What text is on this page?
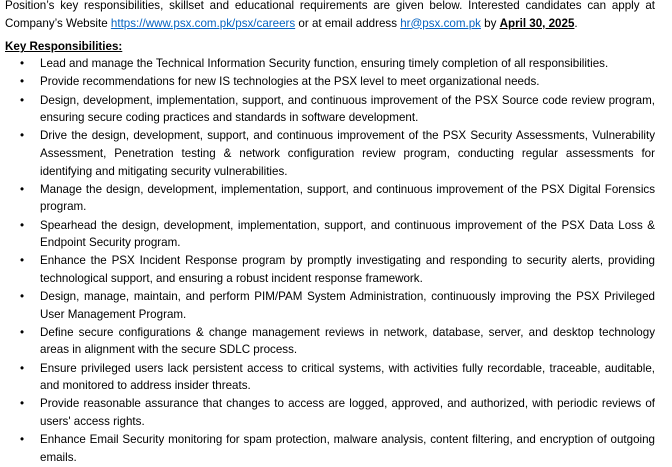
Position’s key responsibilities, skillset and educational requirements are given below. Interested candidates can apply at Company’s Website https://www.psx.com.pk/psx/careers or at email address hr@psx.com.pk by April 30, 2025.

Key Responsibilities:

• Lead and manage the Technical Information Security function, ensuring timely completion of all responsibilities.
• Provide recommendations for new IS technologies at the PSX level to meet organizational needs.
• Design, development, implementation, support, and continuous improvement of the PSX Source code review program, ensuring secure coding practices and standards in software development.
• Drive the design, development, support, and continuous improvement of the PSX Security Assessments, Vulnerability Assessment, Penetration testing & network configuration review program, conducting regular assessments for identifying and mitigating security vulnerabilities.
• Manage the design, development, implementation, support, and continuous improvement of the PSX Digital Forensics program.
• Spearhead the design, development, implementation, support, and continuous improvement of the PSX Data Loss & Endpoint Security program.
• Enhance the PSX Incident Response program by promptly investigating and responding to security alerts, providing technological support, and ensuring a robust incident response framework.
• Design, manage, maintain, and perform PIM/PAM System Administration, continuously improving the PSX Privileged User Management Program.
• Define secure configurations & change management reviews in network, database, server, and desktop technology areas in alignment with the secure SDLC process.
• Ensure privileged users lack persistent access to critical systems, with activities fully recordable, traceable, auditable, and monitored to address insider threats.
• Provide reasonable assurance that changes to access are logged, approved, and authorized, with periodic reviews of users' access rights.
• Enhance Email Security monitoring for spam protection, malware analysis, content filtering, and encryption of outgoing emails.
